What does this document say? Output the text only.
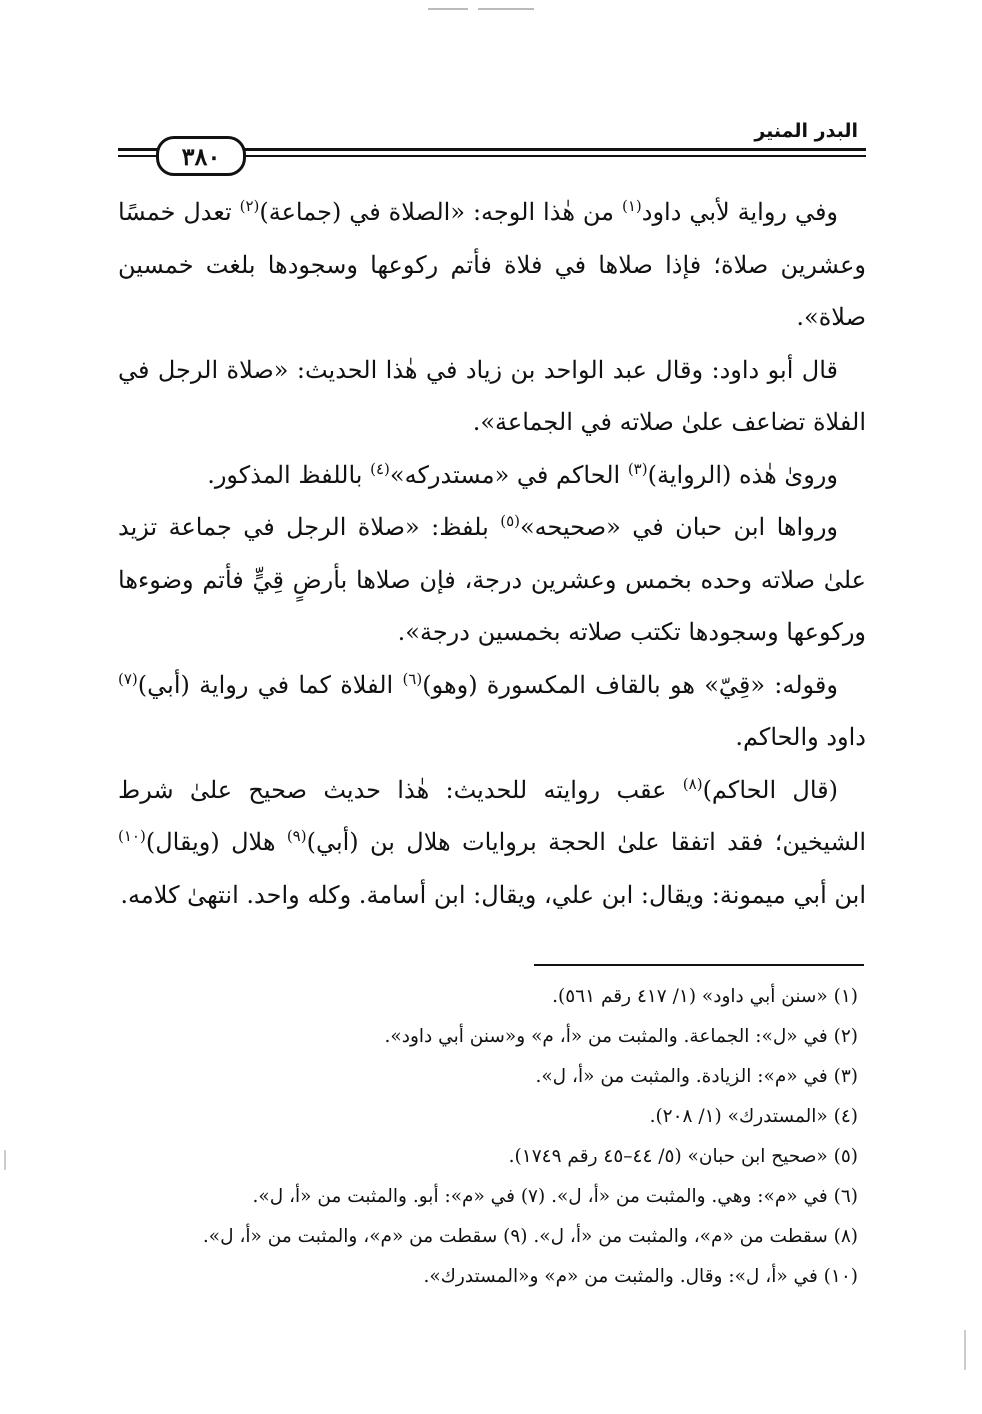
البدر المنير
٣٨٠

وفي رواية لأبي داود$^{(١)}$ من هٰذا الوجه: «الصلاة في (جماعة)$^{(٢)}$ تعدل خمسًا وعشرين صلاة؛ فإذا صلاها في فلاة فأتم ركوعها وسجودها بلغت خمسين صلاة».

قال أبو داود: وقال عبد الواحد بن زياد في هٰذا الحديث: «صلاة الرجل في الفلاة تضاعف علىٰ صلاته في الجماعة».

ورویٰ هٰذه (الرواية)$^{(٣)}$ الحاكم في «مستدركه»$^{(٤)}$ باللفظ المذكور.

ورواها ابن حبان في «صحيحه»$^{(٥)}$ بلفظ: «صلاة الرجل في جماعة تزيد علىٰ صلاته وحده بخمس وعشرين درجة، فإن صلاها بأرضٍ قِيٍّ فأتم وضوءها وركوعها وسجودها تكتب صلاته بخمسين درجة».

وقوله: «قِيّ» هو بالقاف المكسورة (وهو)$^{(٦)}$ الفلاة كما في رواية (أبي)$^{(٧)}$ داود والحاكم.

(قال الحاكم)$^{(٨)}$ عقب روايته للحديث: هٰذا حديث صحيح علىٰ شرط الشيخين؛ فقد اتفقا علىٰ الحجة بروايات هلال بن (أبي)$^{(٩)}$ هلال (ويقال)$^{(١٠)}$ ابن أبي ميمونة: ويقال: ابن علي، ويقال: ابن أسامة. وكله واحد. انتهىٰ كلامه.

(١) «سنن أبي داود» (١/ ٤١٧ رقم ٥٦١).
(٢) في «ل»: الجماعة. والمثبت من «أ، م» و«سنن أبي داود».
(٣) في «م»: الزيادة. والمثبت من «أ، ل».
(٤) «المستدرك» (١/ ٢٠٨).
(٥) «صحيح ابن حبان» (٥/ ٤٤–٤٥ رقم ١٧٤٩).
(٦) في «م»: وهي. والمثبت من «أ، ل». (٧) في «م»: أبو. والمثبت من «أ، ل».
(٨) سقطت من «م»، والمثبت من «أ، ل». (٩) سقطت من «م»، والمثبت من «أ، ل».
(١٠) في «أ، ل»: وقال. والمثبت من «م» و«المستدرك».
